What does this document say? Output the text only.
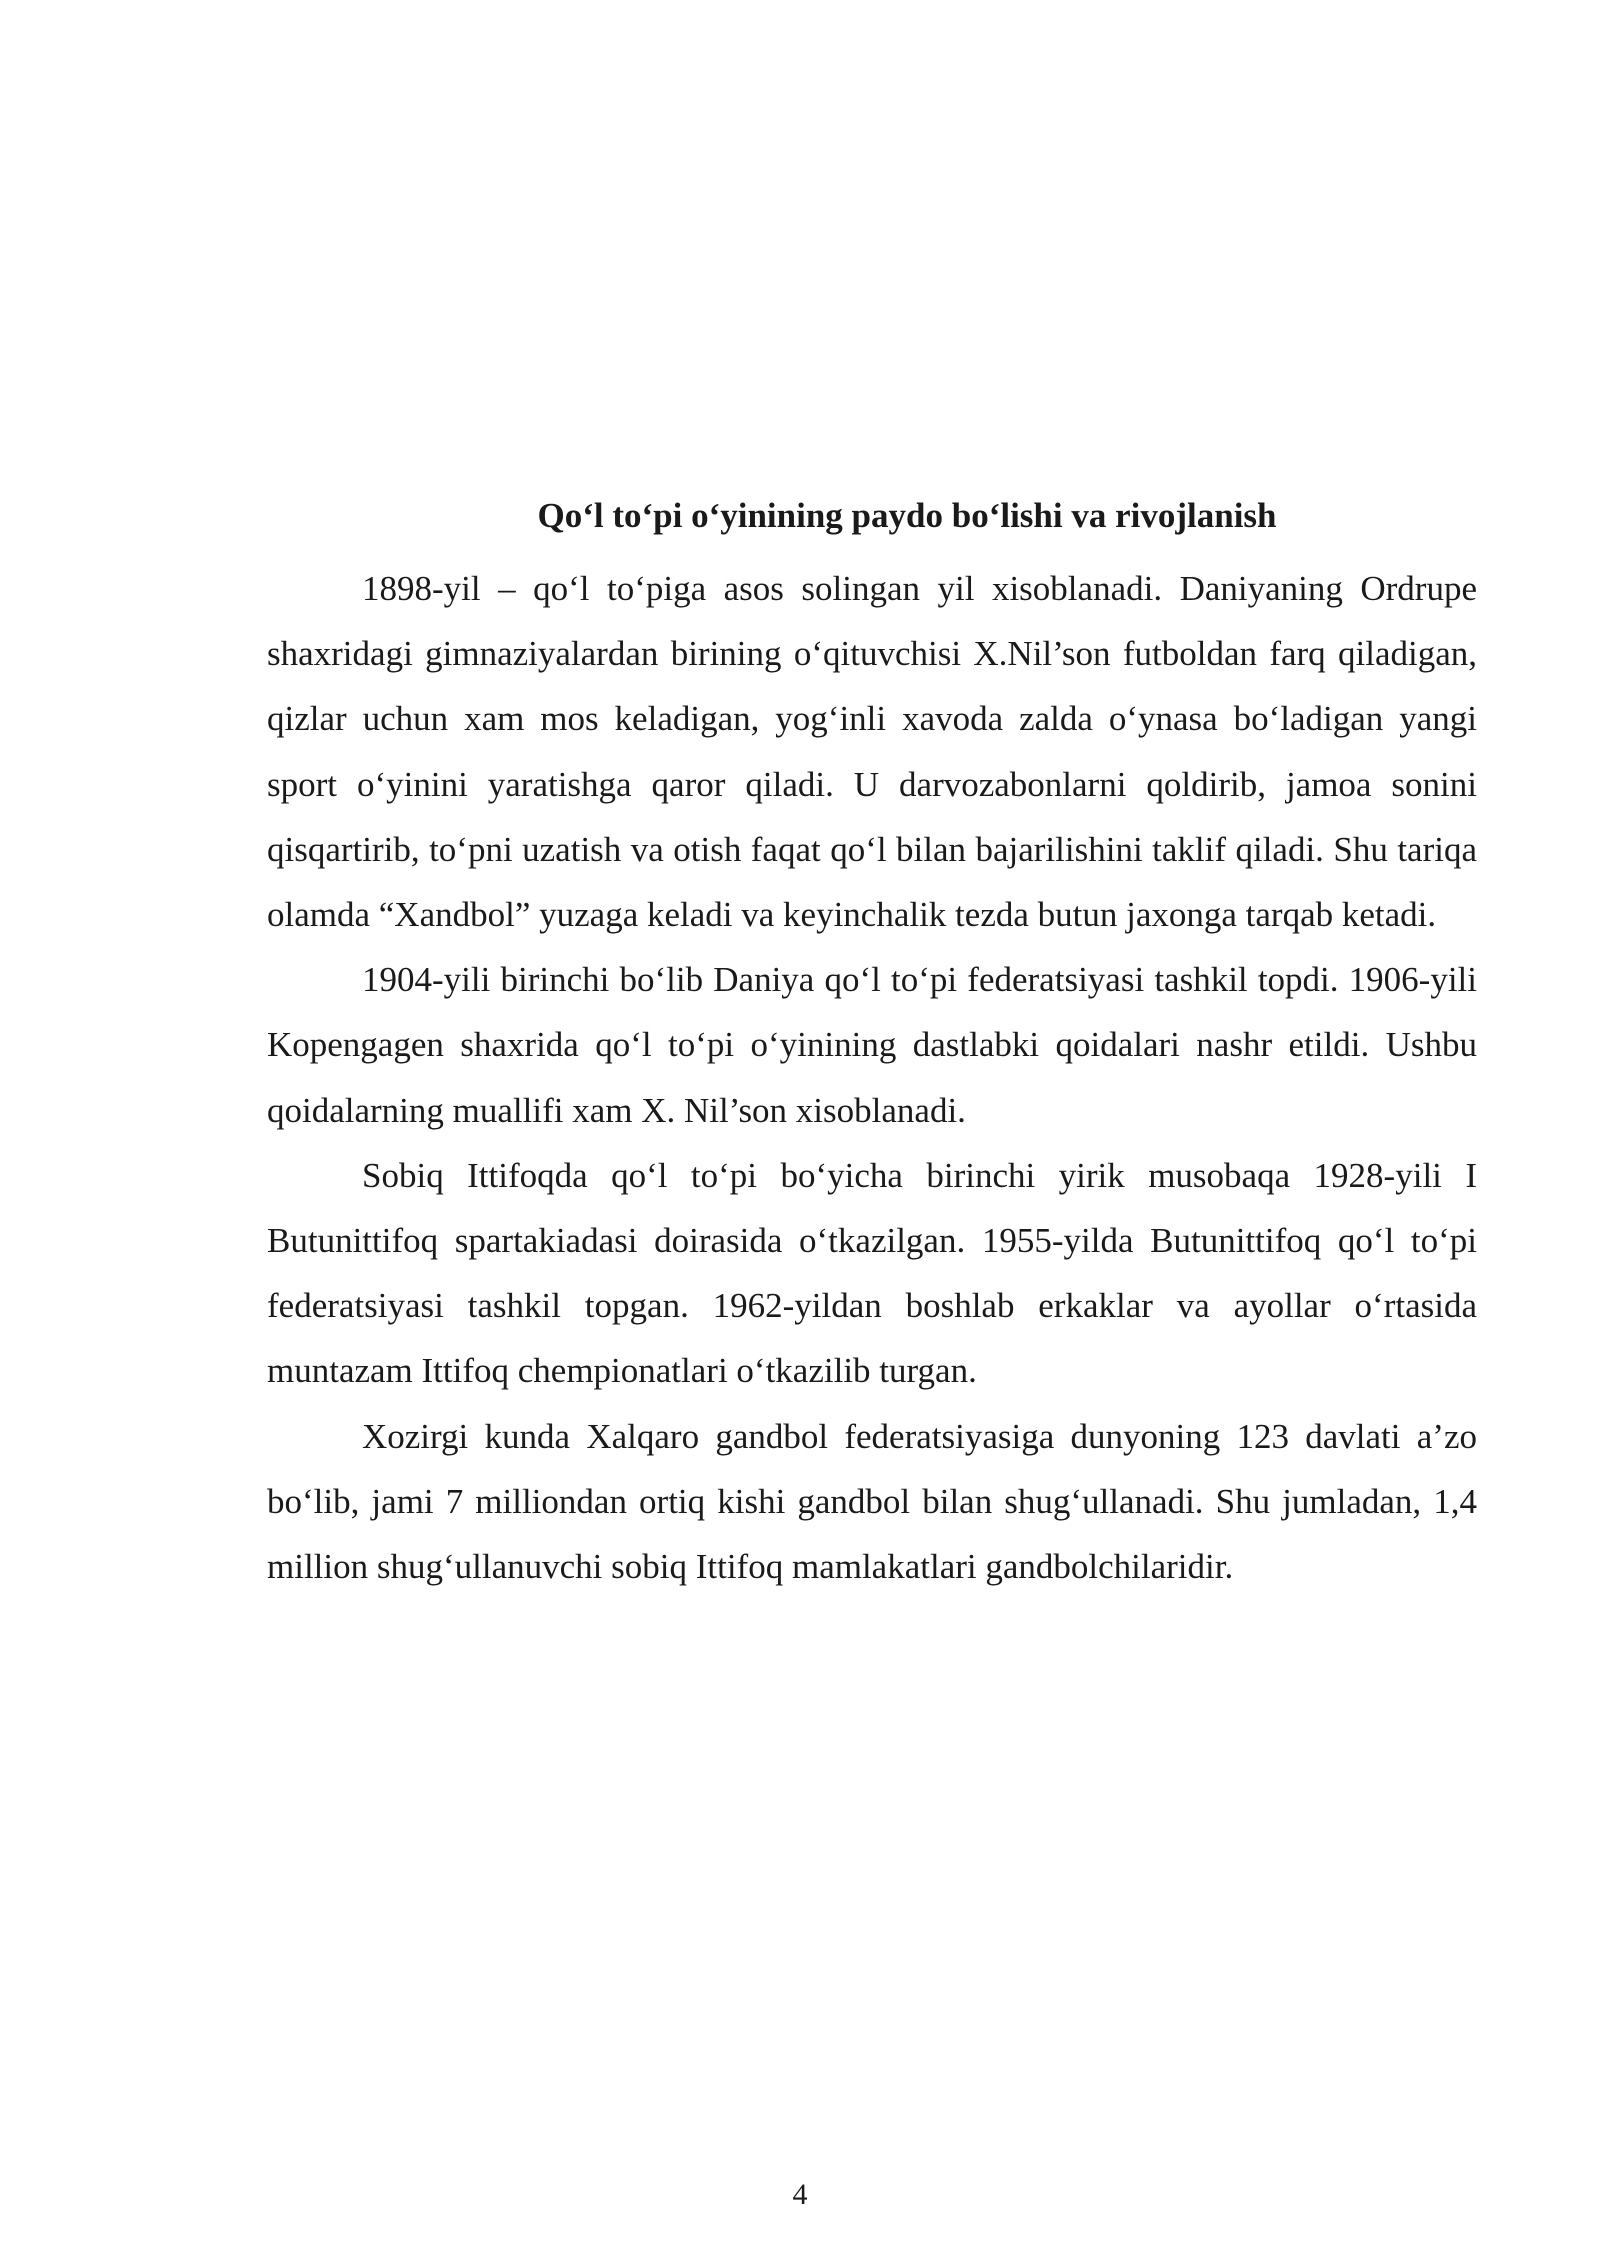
Qoʻl toʻpi oʻyinining paydo boʻlishi va rivojlanish

1898-yil – qoʻl toʻpiga asos solingan yil xisoblanadi. Daniyaning Ordrupe shaxridagi gimnaziyalardan birining oʻqituvchisi X.Nil’son futboldan farq qiladigan, qizlar uchun xam mos keladigan, yogʻinli xavoda zalda oʻynasa boʻladigan yangi sport oʻyinini yaratishga qaror qiladi. U darvozabonlarni qoldirib, jamoa sonini qisqartirib, toʻpni uzatish va otish faqat qoʻl bilan bajarilishini taklif qiladi. Shu tariqa olamda “Xandbol” yuzaga keladi va keyinchalik tezda butun jaxonga tarqab ketadi.

1904-yili birinchi boʻlib Daniya qoʻl toʻpi federatsiyasi tashkil topdi. 1906-yili Kopengagen shaxrida qoʻl toʻpi oʻyinining dastlabki qoidalari nashr etildi. Ushbu qoidalarning muallifi xam X. Nil’son xisoblanadi.

Sobiq Ittifoqda qoʻl toʻpi boʻyicha birinchi yirik musobaqa 1928-yili I Butunittifoq spartakiadasi doirasida oʻtkazilgan. 1955-yilda Butunittifoq qoʻl toʻpi federatsiyasi tashkil topgan. 1962-yildan boshlab erkaklar va ayollar oʻrtasida muntazam Ittifoq chempionatlari oʻtkazilib turgan.

Xozirgi kunda Xalqaro gandbol federatsiyasiga dunyoning 123 davlati a’zo boʻlib, jami 7 milliondan ortiq kishi gandbol bilan shugʻullanadi. Shu jumladan, 1,4 million shugʻullanuvchi sobiq Ittifoq mamlakatlari gandbolchilaridir.

4
